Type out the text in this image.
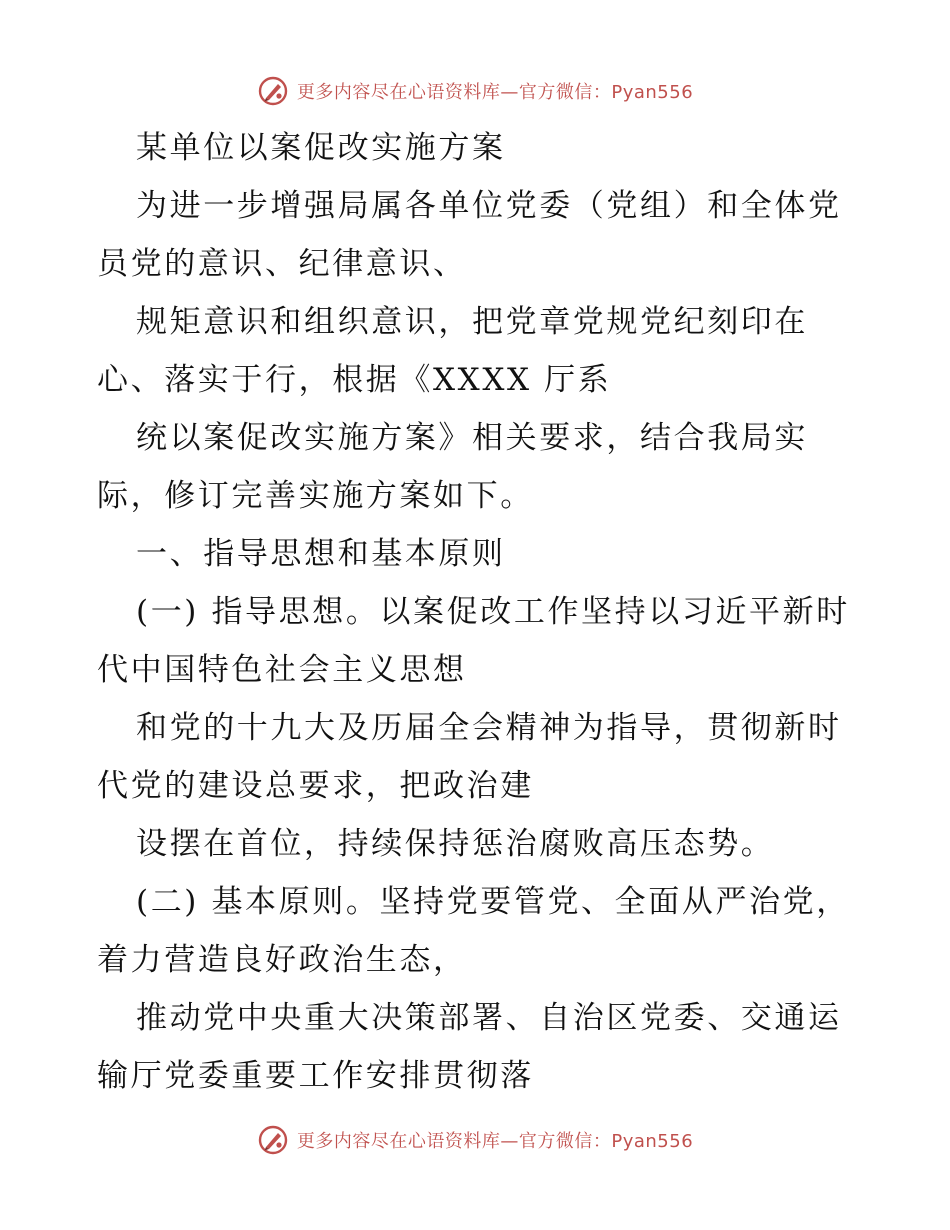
更多内容尽在心语资料库—官方微信：Pyan556
某单位以案促改实施方案
为进一步增强局属各单位党委（党组）和全体党
员党的意识、纪律意识、
规矩意识和组织意识，把党章党规党纪刻印在
心、落实于行，根据《XXXX 厅系
统以案促改实施方案》相关要求，结合我局实
际，修订完善实施方案如下。
一、指导思想和基本原则
(一) 指导思想。以案促改工作坚持以习近平新时
代中国特色社会主义思想
和党的十九大及历届全会精神为指导，贯彻新时
代党的建设总要求，把政治建
设摆在首位，持续保持惩治腐败高压态势。
(二) 基本原则。坚持党要管党、全面从严治党，
着力营造良好政治生态，
推动党中央重大决策部署、自治区党委、交通运
输厅党委重要工作安排贯彻落
更多内容尽在心语资料库—官方微信：Pyan556
